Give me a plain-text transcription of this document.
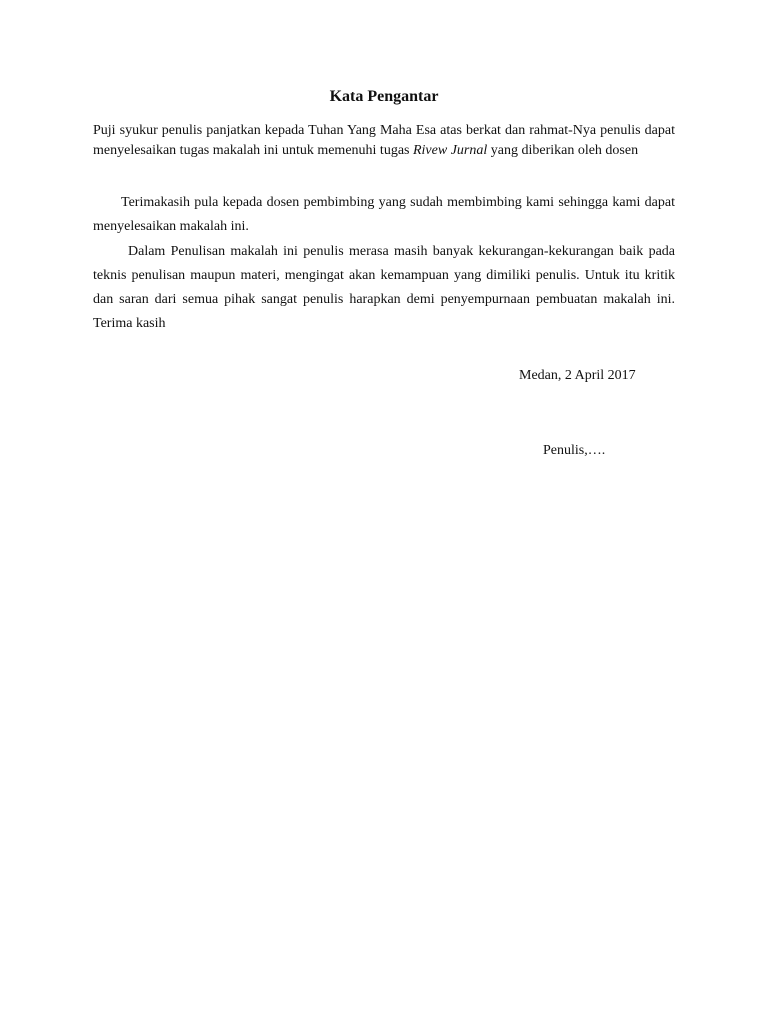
Kata Pengantar

Puji syukur penulis panjatkan kepada Tuhan Yang Maha Esa atas berkat dan rahmat-Nya penulis dapat menyelesaikan tugas makalah ini untuk memenuhi tugas Rivew Jurnal yang diberikan oleh dosen

Terimakasih pula kepada dosen pembimbing yang sudah membimbing kami sehingga kami dapat menyelesaikan makalah ini.

Dalam Penulisan makalah ini penulis merasa masih banyak kekurangan-kekurangan baik pada teknis penulisan maupun materi, mengingat akan kemampuan yang dimiliki penulis. Untuk itu kritik dan saran dari semua pihak sangat penulis harapkan demi penyempurnaan pembuatan makalah ini. Terima kasih

Medan, 2 April 2017
Penulis,….
